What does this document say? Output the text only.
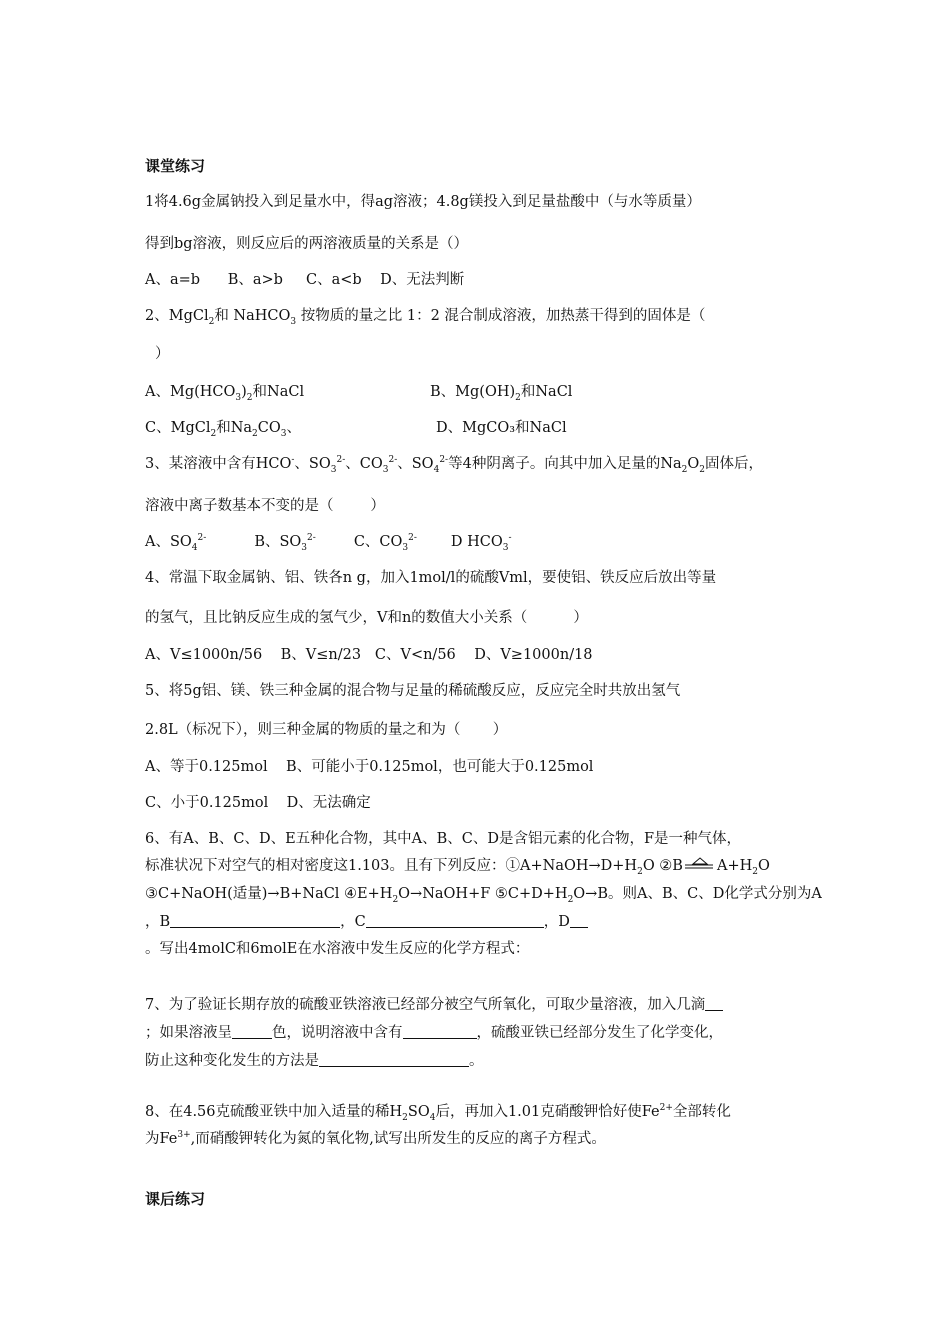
课堂练习
1将4.6g金属钠投入到足量水中，得ag溶液；4.8g镁投入到足量盐酸中（与水等质量）
得到bg溶液，则反应后的两溶液质量的关系是（）
A、a=b      B、a>b     C、a<b    D、无法判断
2、MgCl$_2$和 NaHCO$_3$ 按物质的量之比 1：2 混合制成溶液，加热蒸干得到的固体是（
）
A、$Mg(HCO_3)_2$和NaCl	B、$Mg(OH)_2$和NaCl
C、MgCl$_2$和$Na_2CO_3$、	D、MgCO₃和NaCl
3、某溶液中含有HCO-、$SO_3^{2-}$、$CO_3^{2-}$、$SO_4^{2-}$等4种阴离子。向其中加入足量的$Na_2O_2$固体后，
溶液中离子数基本不变的是（        ）
A、$SO_4^{2-}$	B、$SO_3^{2-}$	C、$CO_3^{2-}$ D $HCO_3^-$
4、常温下取金属钠、铝、铁各n g，加入1mol/l的硫酸Vml，要使铝、铁反应后放出等量
的氢气，且比钠反应生成的氢气少，V和n的数值大小关系（          ）
A、V≤1000n/56    B、V≤n/23   C、V<n/56    D、V≥1000n/18
5、将5g铝、镁、铁三种金属的混合物与足量的稀硫酸反应，反应完全时共放出氢气
2.8L（标况下），则三种金属的物质的量之和为（       ）
A、等于0.125mol    B、可能小于0.125mol，也可能大于0.125mol
C、小于0.125mol    D、无法确定
6、有A、B、C、D、E五种化合物，其中A、B、C、D是含铝元素的化合物，F是一种气体，
标准状况下对空气的相对密度这1.103。且有下列反应：$①A+NaOH\to D+H_2O$ ②B $A+H_2O$
③C+NaOH(适量)→B+NaCl $④E+H_2O\to NaOH+F$ $⑤C+D+H_2O\to B$。则A、B、C、D化学式分别为A
，B	，C	，D
。写出4molC和6molE在水溶液中发生反应的化学方程式：
7、为了验证长期存放的硫酸亚铁溶液已经部分被空气所氧化，可取少量溶液，加入几滴
；如果溶液呈	色，说明溶液中含有	，硫酸亚铁已经部分发生了化学变化，
防止这种变化发生的方法是	。
8、在4.56克硫酸亚铁中加入适量的稀$H_2SO_4$后，再加入1.01克硝酸钾恰好使$Fe^{2+}$全部转化
为$Fe^{3+}$,而硝酸钾转化为氮的氧化物,试写出所发生的反应的离子方程式。
课后练习
